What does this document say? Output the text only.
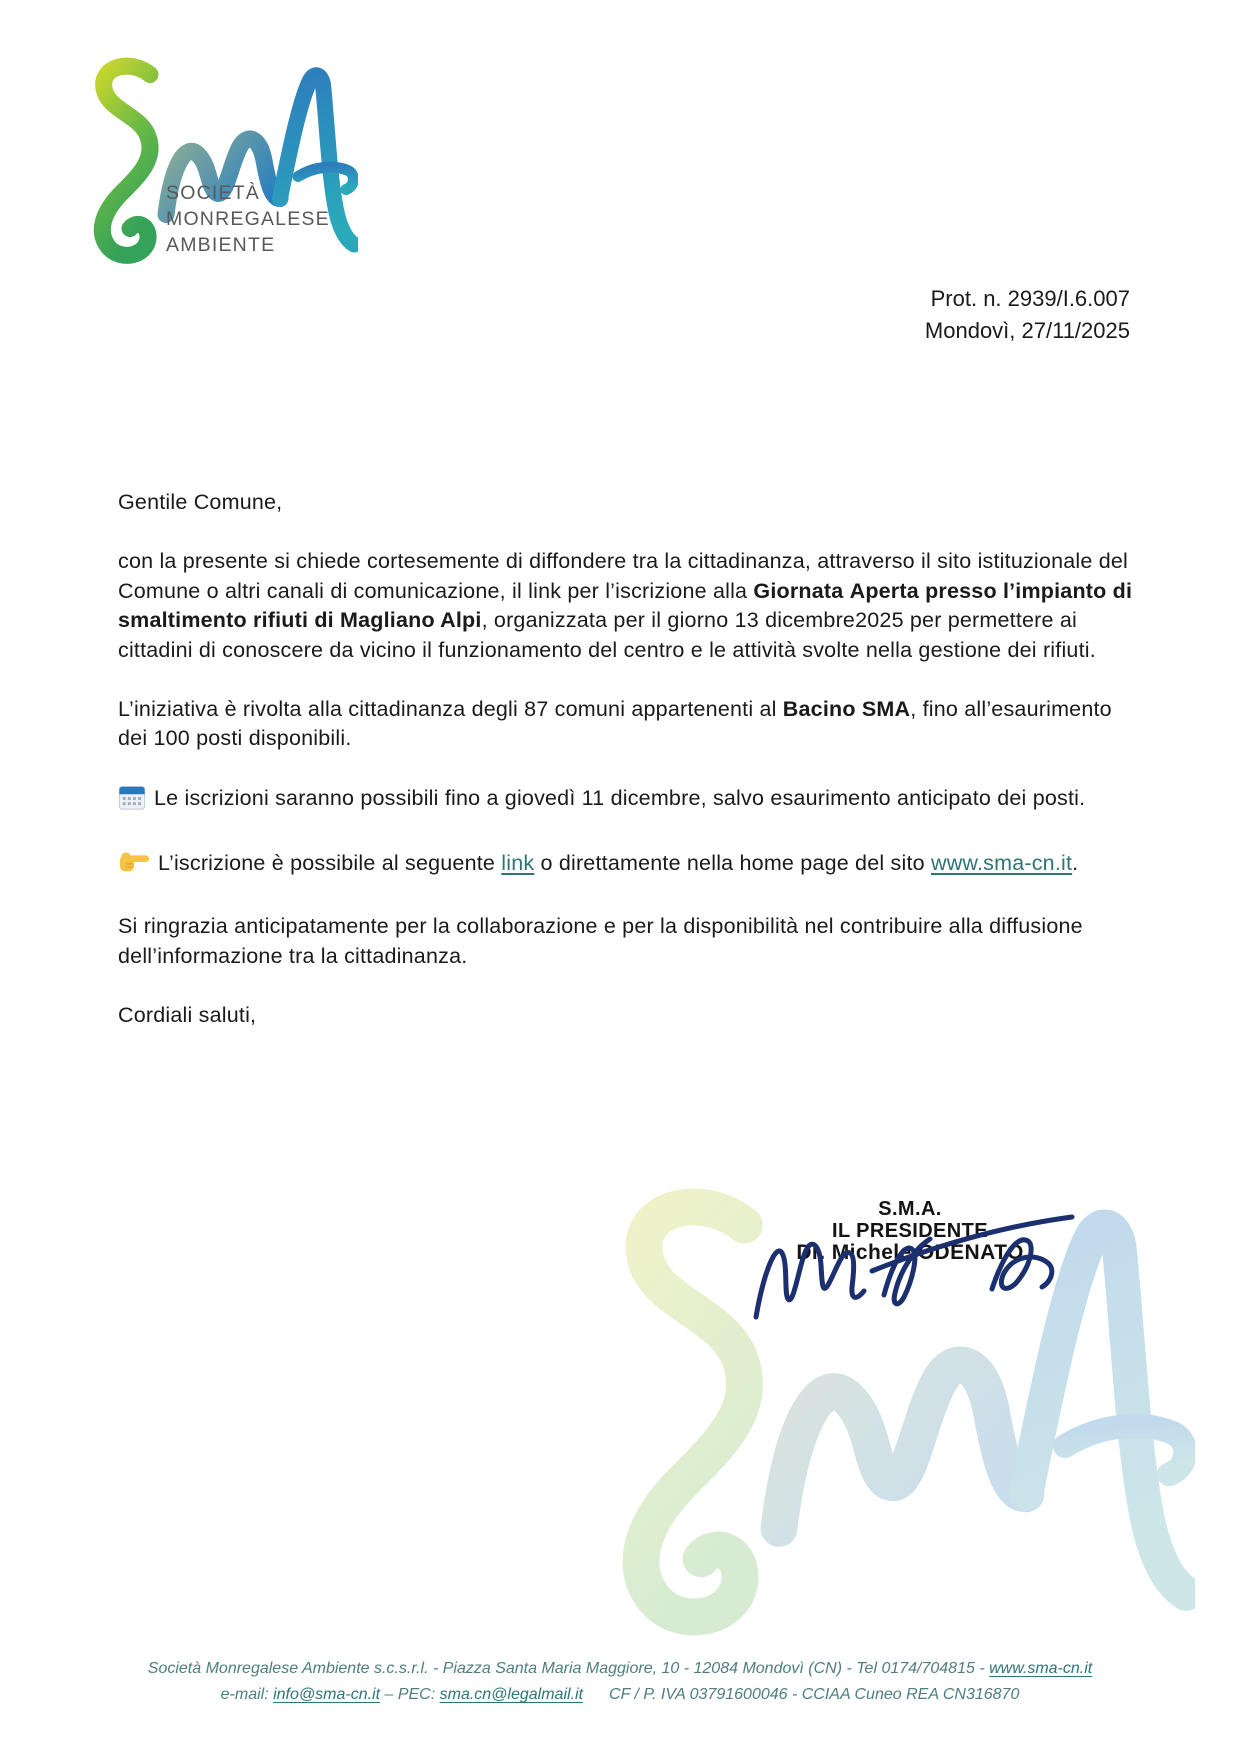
SOCIETÀ
MONREGALESE
AMBIENTE
Prot. n. 2939/I.6.007
Mondovì, 27/11/2025

Gentile Comune,

con la presente si chiede cortesemente di diffondere tra la cittadinanza, attraverso il sito istituzionale del Comune o altri canali di comunicazione, il link per l’iscrizione alla Giornata Aperta presso l’impianto di smaltimento rifiuti di Magliano Alpi, organizzata per il giorno 13 dicembre2025 per permettere ai cittadini di conoscere da vicino il funzionamento del centro e le attività svolte nella gestione dei rifiuti.

L’iniziativa è rivolta alla cittadinanza degli 87 comuni appartenenti al Bacino SMA, fino all’esaurimento dei 100 posti disponibili.

Le iscrizioni saranno possibili fino a giovedì 11 dicembre, salvo esaurimento anticipato dei posti.

L’iscrizione è possibile al seguente link o direttamente nella home page del sito www.sma-cn.it.

Si ringrazia anticipatamente per la collaborazione e per la disponibilità nel contribuire alla diffusione dell’informazione tra la cittadinanza.

Cordiali saluti,

S.M.A.
IL PRESIDENTE
Dr. Michele ODENATO
Società Monregalese Ambiente s.c.s.r.l. - Piazza Santa Maria Maggiore, 10 - 12084 Mondovì (CN) - Tel 0174/704815 - www.sma-cn.it
e-mail: info@sma-cn.it – PEC: sma.cn@legalmail.it CF / P. IVA 03791600046 - CCIAA Cuneo REA CN316870
